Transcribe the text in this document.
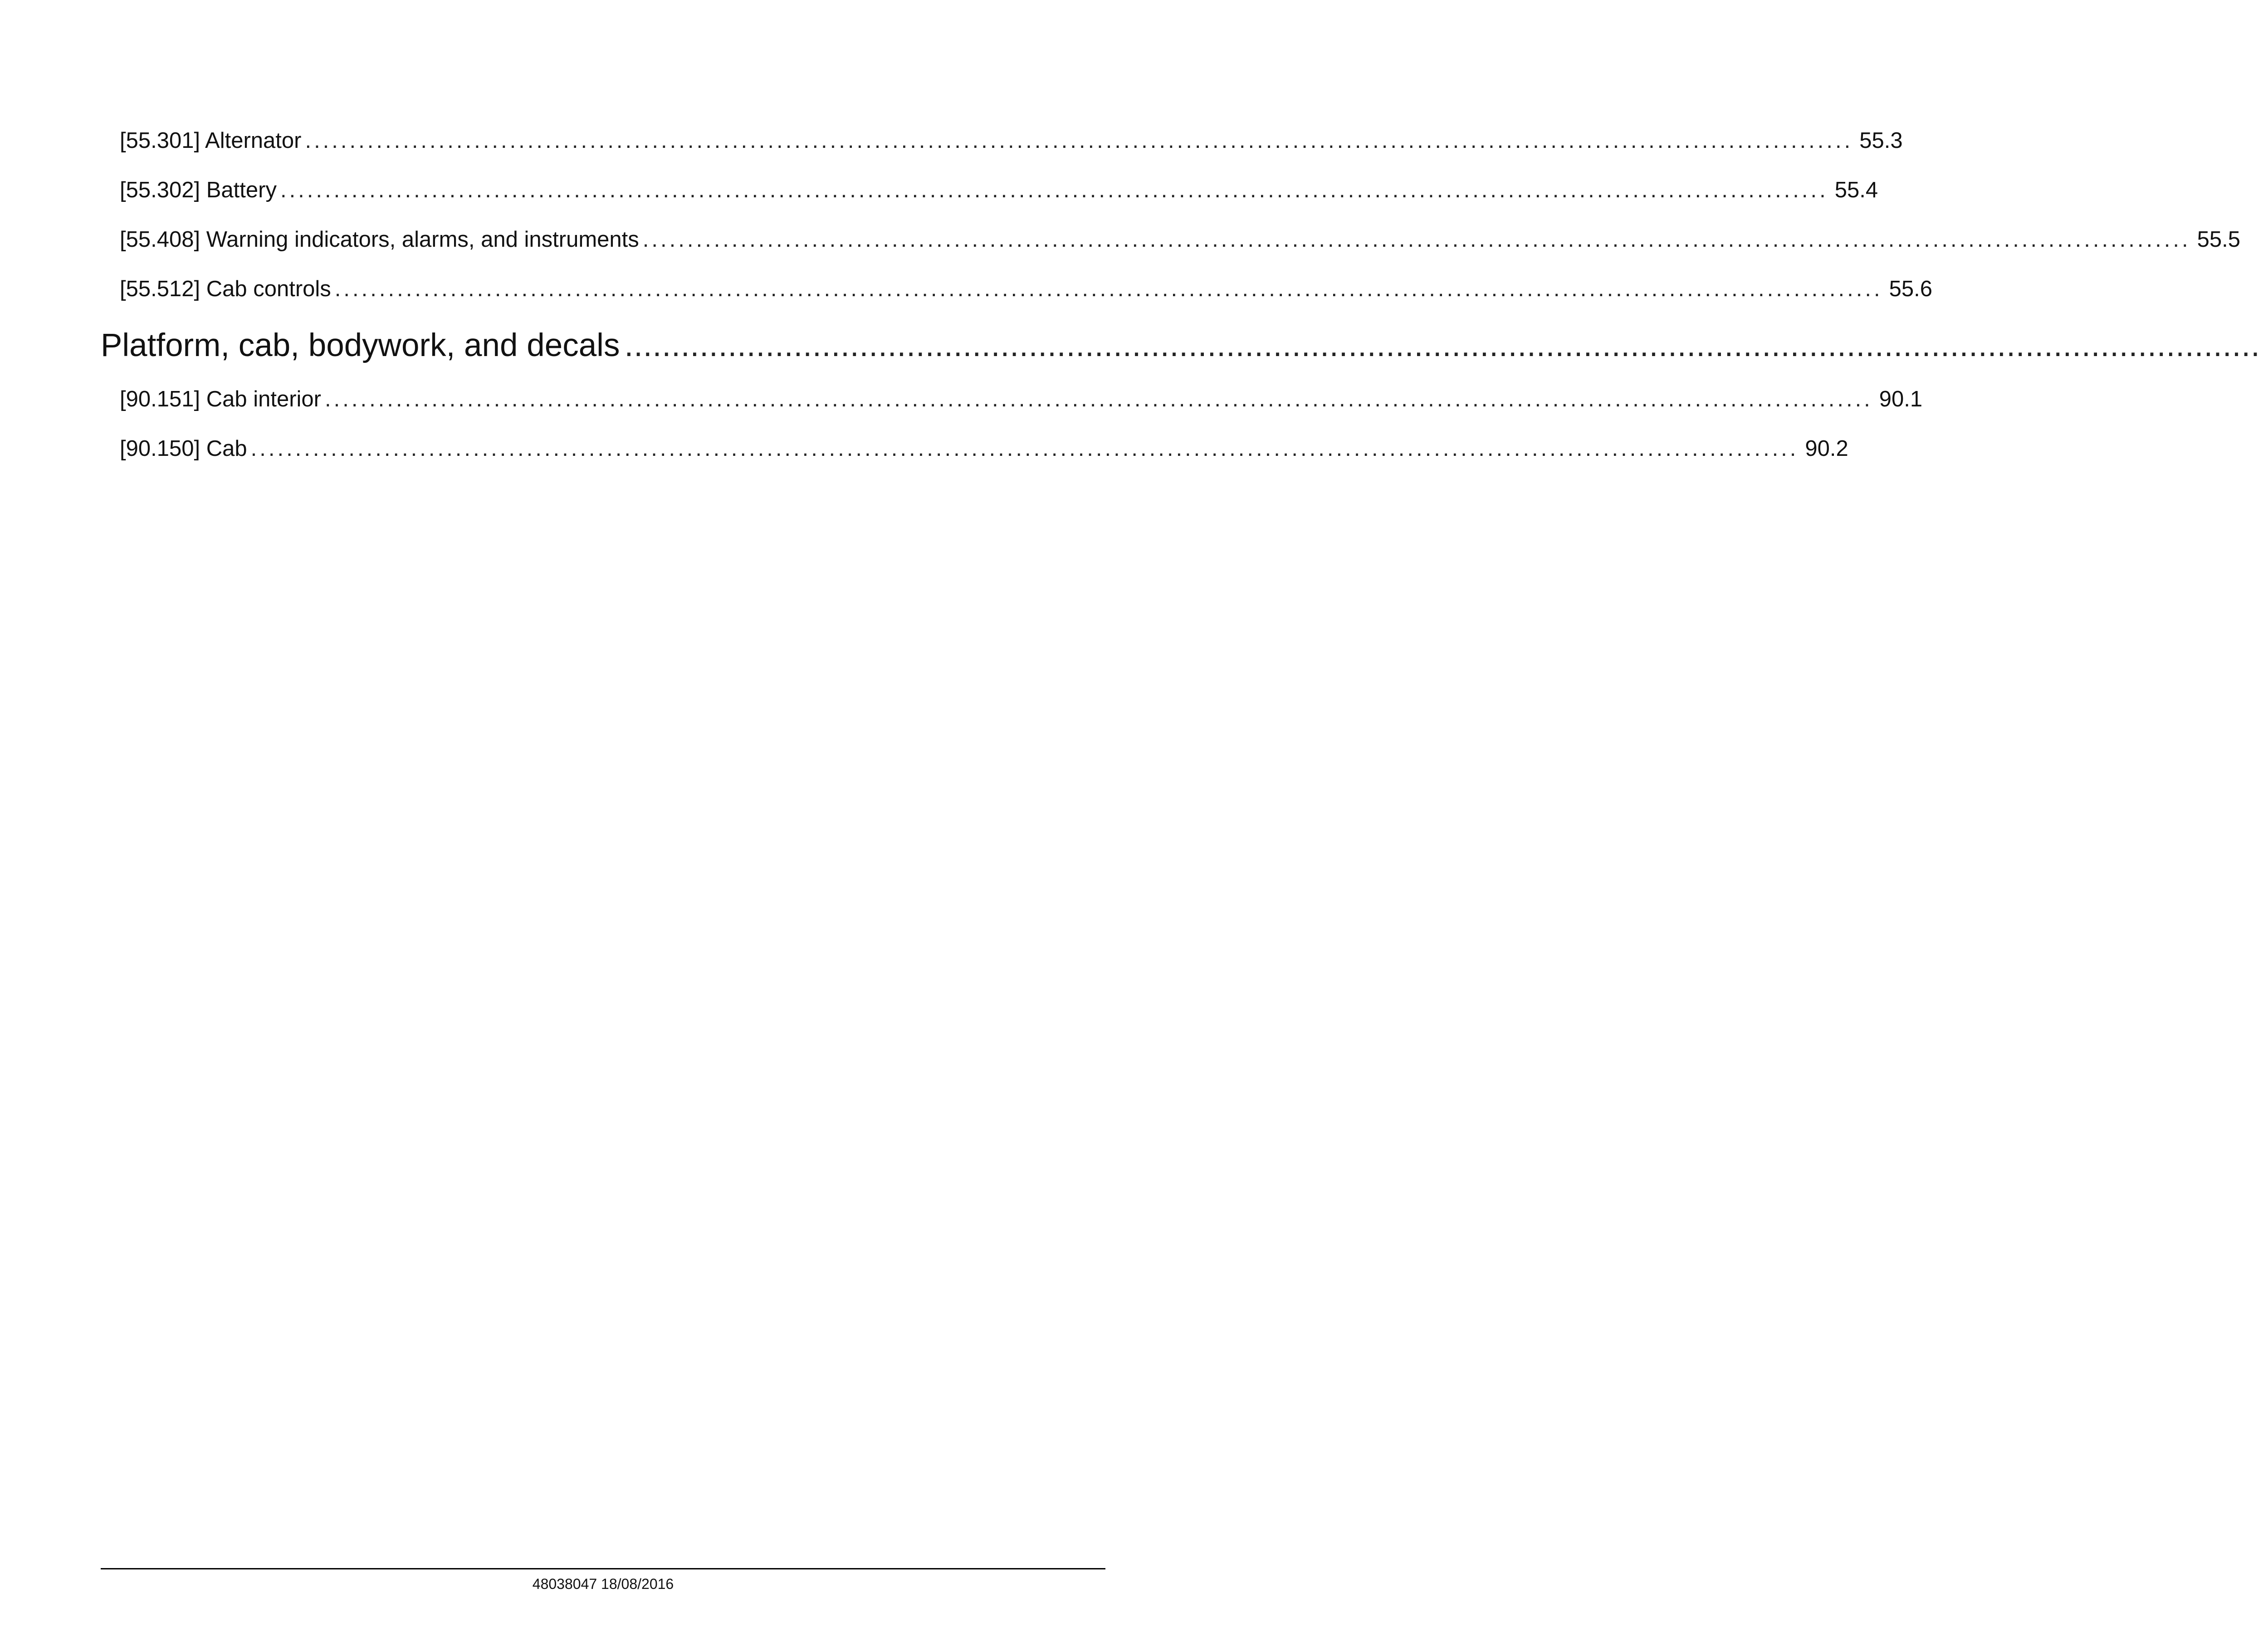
[55.301] Alternator .............................................................................................................................................................................. 55.3
[55.302] Battery .............................................................................................................................................................................. 55.4
[55.408] Warning indicators, alarms, and instruments .............................................................................................................................................................................. 55.5
[55.512] Cab controls .............................................................................................................................................................................. 55.6
Platform, cab, bodywork, and decals ..............................................................................................................................................................................
[90.151] Cab interior .............................................................................................................................................................................. 90.1
[90.150] Cab .............................................................................................................................................................................. 90.2
48038047 18/08/2016
